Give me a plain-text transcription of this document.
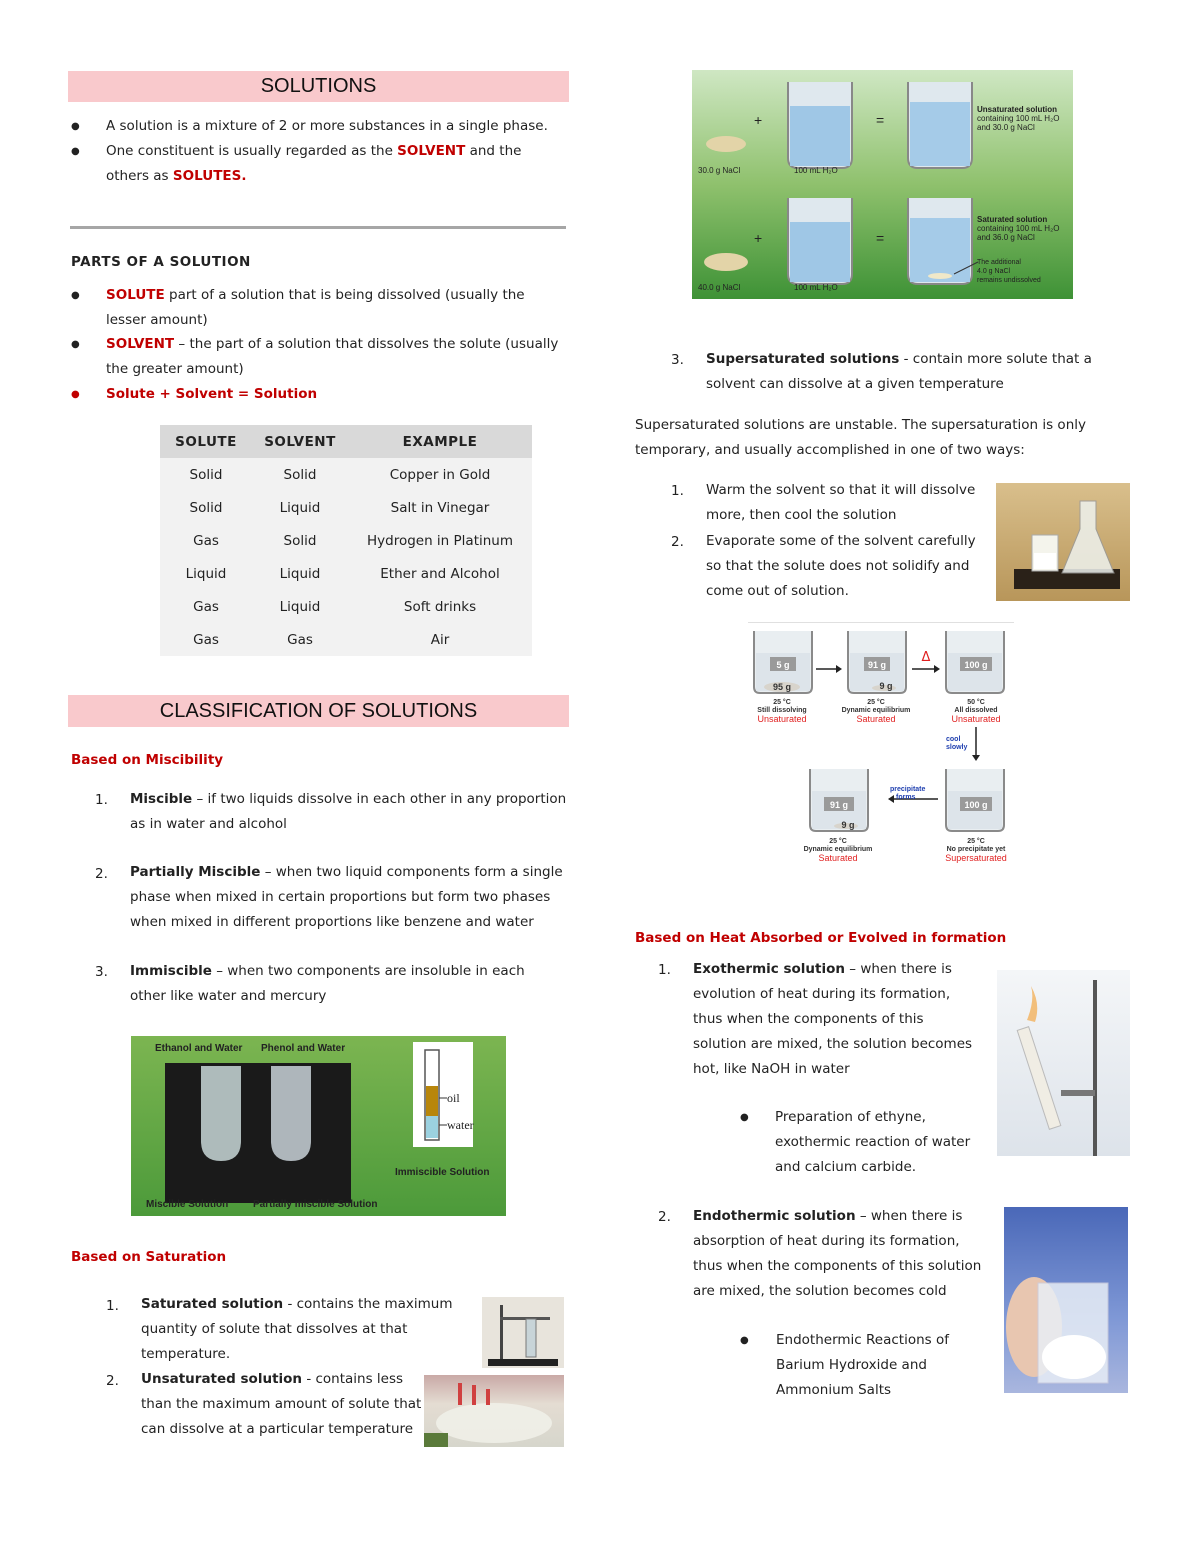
SOLUTIONS
● A solution is a mixture of 2 or more substances in a single phase.
● One constituent is usually regarded as the SOLVENT and the
others as SOLUTES.
PARTS OF A SOLUTION
● SOLUTE part of a solution that is being dissolved (usually the
lesser amount)
● SOLVENT – the part of a solution that dissolves the solute (usually
the greater amount)
● Solute + Solvent = Solution
SOLUTE	SOLVENT	EXAMPLE
Solid	Solid	Copper in Gold
Solid	Liquid	Salt in Vinegar
Gas	Solid	Hydrogen in Platinum
Liquid	Liquid	Ether and Alcohol
Gas	Liquid	Soft drinks
Gas	Gas	Air
CLASSIFICATION OF SOLUTIONS
Based on Miscibility
1. Miscible – if two liquids dissolve in each other in any proportion
as in water and alcohol
2. Partially Miscible – when two liquid components form a single
phase when mixed in certain proportions but form two phases
when mixed in different proportions like benzene and water
3. Immiscible – when two components are insoluble in each
other like water and mercury
Ethanol and Water Phenol and Water
oil
water
Immiscible Solution
Miscible Solution Partially miscible Solution
Based on Saturation
1. Saturated solution - contains the maximum
quantity of solute that dissolves at that
temperature.
2. Unsaturated solution - contains less
than the maximum amount of solute that
can dissolve at a particular temperature
+
+
=
=
30.0 g NaCl	100 mL H₂O
Unsaturated solution
containing 100 mL H₂O
and 30.0 g NaCl
40.0 g NaCl	100 mL H₂O
Saturated solution
containing 100 mL H₂O
and 36.0 g NaCl
The additional
4.0 g NaCl
remains undissolved
3. Supersaturated solutions - contain more solute that a
solvent can dissolve at a given temperature
Supersaturated solutions are unstable. The supersaturation is only
temporary, and usually accomplished in one of two ways:
1. Warm the solvent so that it will dissolve
more, then cool the solution
2. Evaporate some of the solvent carefully
so that the solute does not solidify and
come out of solution.
5 g
95 g
25 °C
Still dissolving
Unsaturated
91 g
9 g
25 °C
Dynamic equilibrium
Saturated
Δ	100 g
50 °C
All dissolved
Unsaturated
cool
slowly
100 g
25 °C
No precipitate yet
Supersaturated
precipitate
forms
91 g
9 g
25 °C
Dynamic equilibrium
Saturated
Based on Heat Absorbed or Evolved in formation
1. Exothermic solution – when there is
evolution of heat during its formation,
thus when the components of this
solution are mixed, the solution becomes
hot, like NaOH in water
● Preparation of ethyne,
exothermic reaction of water
and calcium carbide.
2. Endothermic solution – when there is
absorption of heat during its formation,
thus when the components of this solution
are mixed, the solution becomes cold
● Endothermic Reactions of
Barium Hydroxide and
Ammonium Salts
